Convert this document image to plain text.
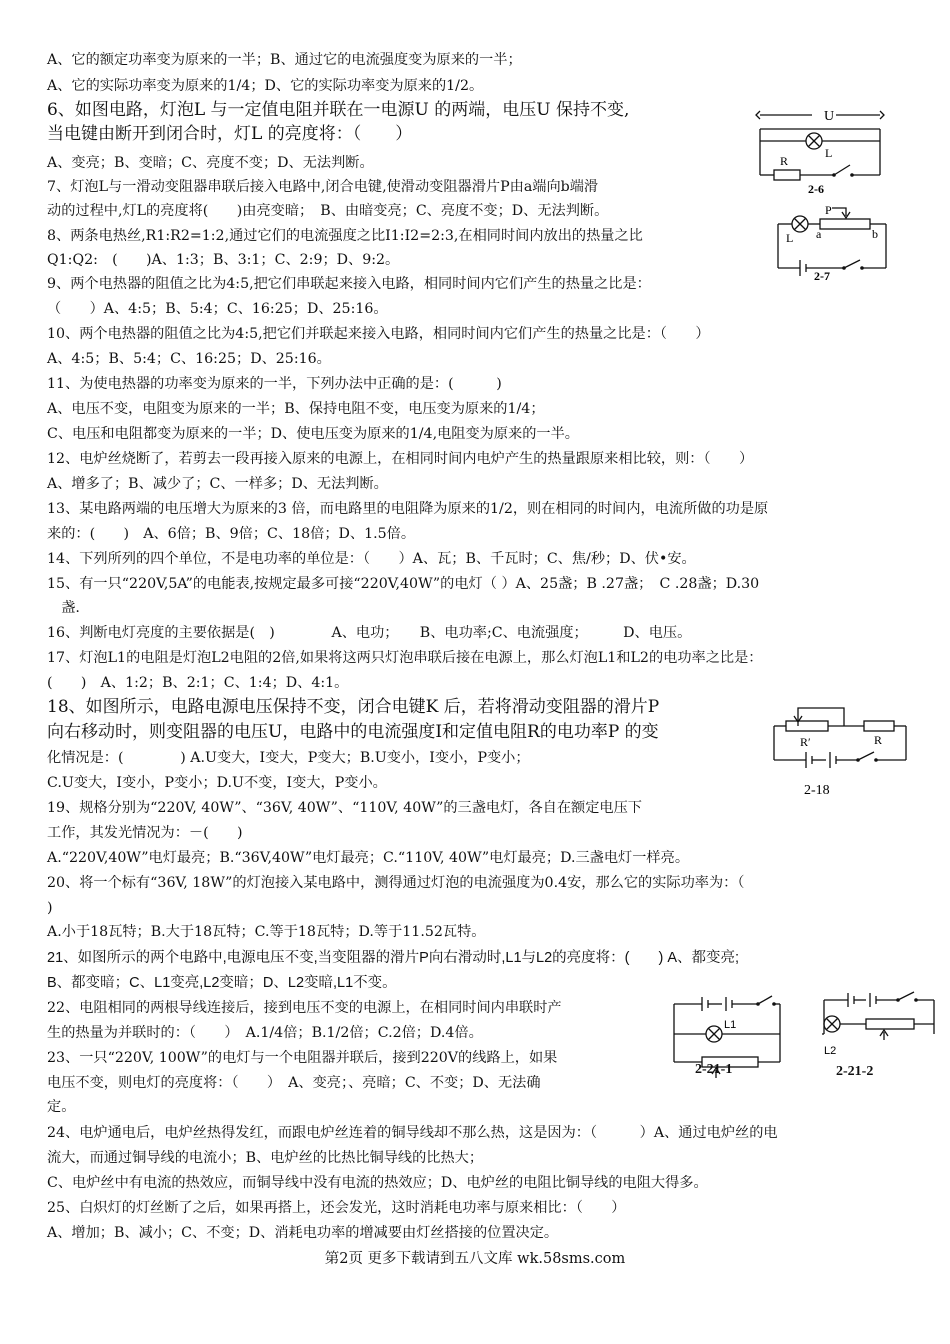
A、它的额定功率变为原来的一半；B、通过它的电流强度变为原来的一半；
A、它的实际功率变为原来的1/4；D、它的实际功率变为原来的1/2。
6、如图电路，灯泡L 与一定值电阻并联在一电源U 的两端，电压U 保持不变,
当电键由断开到闭合时，灯L 的亮度将：（　　）
A、变亮；B、变暗；C、亮度不变；D、无法判断。
7、灯泡L与一滑动变阻器串联后接入电路中,闭合电键,使滑动变阻器滑片P由a端向b端滑
动的过程中,灯L的亮度将(　　)由亮变暗；　B、由暗变亮；C、亮度不变；D、无法判断。
8、两条电热丝,R1:R2=1:2,通过它们的电流强度之比I1:I2=2:3,在相同时间内放出的热量之比
Q1:Q2:　(　　)A、1:3；B、3:1；C、2:9；D、9:2。
9、两个电热器的阻值之比为4:5,把它们串联起来接入电路，相同时间内它们产生的热量之比是：
（　　）A、4:5；B、5:4；C、16:25；D、25:16。
10、两个电热器的阻值之比为4:5,把它们并联起来接入电路，相同时间内它们产生的热量之比是：（　　）
A、4:5；B、5:4；C、16:25；D、25:16。
11、为使电热器的功率变为原来的一半，下列办法中正确的是：(　　　)
A、电压不变，电阻变为原来的一半；B、保持电阻不变，电压变为原来的1/4；
C、电压和电阻都变为原来的一半；D、使电压变为原来的1/4,电阻变为原来的一半。
12、电炉丝烧断了，若剪去一段再接入原来的电源上，在相同时间内电炉产生的热量跟原来相比较，则：（　　）
A、增多了；B、减少了；C、一样多；D、无法判断。
13、某电路两端的电压增大为原来的3 倍，而电路里的电阻降为原来的1/2，则在相同的时间内，电流所做的功是原
来的：(　　)　A、6倍；B、9倍；C、18倍；D、1.5倍。
14、下列所列的四个单位，不是电功率的单位是：（　　）A、瓦；B、千瓦时；C、焦/秒；D、伏•安。
15、有一只“220V,5A”的电能表,按规定最多可接“220V,40W”的电灯（ ）A、25盏；B .27盏；　C .28盏；D.30
　盏.
16、判断电灯亮度的主要依据是(　)　　　　A、电功；　　B、电功率;C、电流强度；　　　D、电压。
17、灯泡L1的电阻是灯泡L2电阻的2倍,如果将这两只灯泡串联后接在电源上，那么灯泡L1和L2的电功率之比是：
(　　)　A、1:2；B、2:1；C、1:4；D、4:1。
18、如图所示，电路电源电压保持不变，闭合电键K 后，若将滑动变阻器的滑片P
向右移动时，则变阻器的电压U，电路中的电流强度I和定值电阻R的电功率P 的变
化情况是：(　　　　) A.U变大，I变大，P变大；B.U变小，I变小，P变小；
C.U变大，I变小，P变小；D.U不变，I变大，P变小。
19、规格分别为“220V, 40W”、“36V, 40W”、“110V, 40W”的三盏电灯，各自在额定电压下
工作，其发光情况为：－(　　)
A.“220V,40W”电灯最亮；B.“36V,40W”电灯最亮；C.“110V, 40W”电灯最亮；D.三盏电灯一样亮。
20、将一个标有“36V, 18W”的灯泡接入某电路中，测得通过灯泡的电流强度为0.4安，那么它的实际功率为：（
)
A.小于18瓦特；B.大于18瓦特；C.等于18瓦特；D.等于11.52瓦特。
21、如图所示的两个电路中,电源电压不变,当变阻器的滑片P向右滑动时,L1与L2的亮度将：(　　) A、都变亮;
B、都变暗；C、L1变亮,L2变暗；D、L2变暗,L1不变。
22、电阻相同的两根导线连接后，接到电压不变的电源上，在相同时间内串联时产
生的热量为并联时的：（　　）　A.1/4倍；B.1/2倍；C.2倍；D.4倍。
23、一只“220V, 100W”的电灯与一个电阻器并联后，接到220V的线路上，如果
电压不变，则电灯的亮度将：（　　）　A、变亮；、亮暗；C、不变；D、无法确
定。
24、电炉通电后，电炉丝热得发红，而跟电炉丝连着的铜导线却不那么热，这是因为：（　　　）A、通过电炉丝的电
流大，而通过铜导线的电流小；B、电炉丝的比热比铜导线的比热大；
C、电炉丝中有电流的热效应，而铜导线中没有电流的热效应；D、电炉丝的电阻比铜导线的电阻大得多。
25、白炽灯的灯丝断了之后，如果再搭上，还会发光，这时消耗电功率与原来相比：（　　）
A、增加；B、减小；C、不变；D、消耗电功率的增减要由灯丝搭接的位置决定。
U
L
R
2-6
P
L a	b
2-7
R′	R
2-18
L1
2-21-1
L2
2-21-2
第2页 更多下载请到五八文库 wk.58sms.com
